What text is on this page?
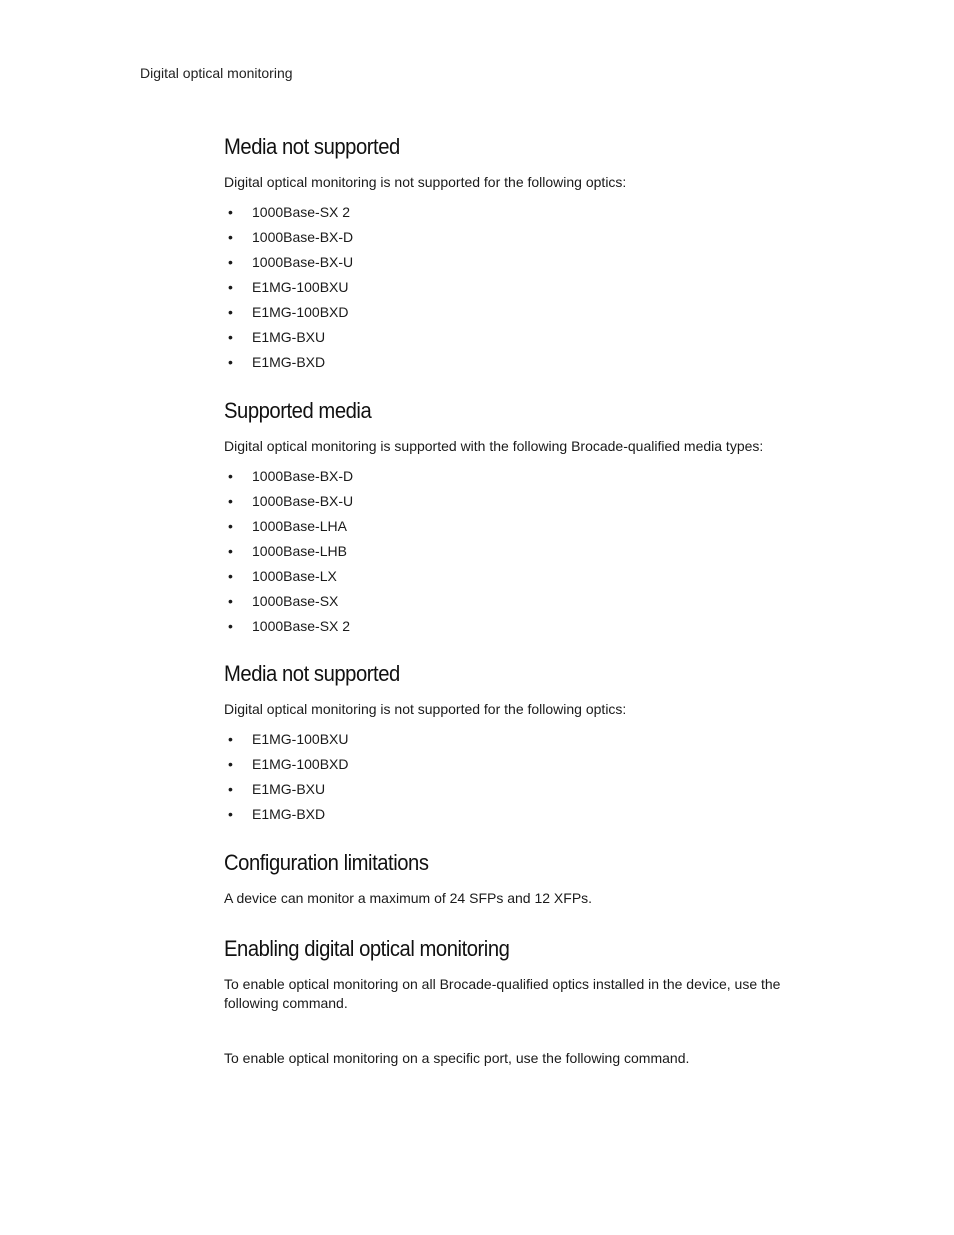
Digital optical monitoring
Media not supported

Digital optical monitoring is not supported for the following optics:

• 1000Base-SX 2
• 1000Base-BX-D
• 1000Base-BX-U
• E1MG-100BXU
• E1MG-100BXD
• E1MG-BXU
• E1MG-BXD
Supported media

Digital optical monitoring is supported with the following Brocade-qualified media types:

• 1000Base-BX-D
• 1000Base-BX-U
• 1000Base-LHA
• 1000Base-LHB
• 1000Base-LX
• 1000Base-SX
• 1000Base-SX 2
Media not supported

Digital optical monitoring is not supported for the following optics:

• E1MG-100BXU
• E1MG-100BXD
• E1MG-BXU
• E1MG-BXD
Configuration limitations

A device can monitor a maximum of 24 SFPs and 12 XFPs.

Enabling digital optical monitoring

To enable optical monitoring on all Brocade-qualified optics installed in the device, use the following command.

To enable optical monitoring on a specific port, use the following command.
